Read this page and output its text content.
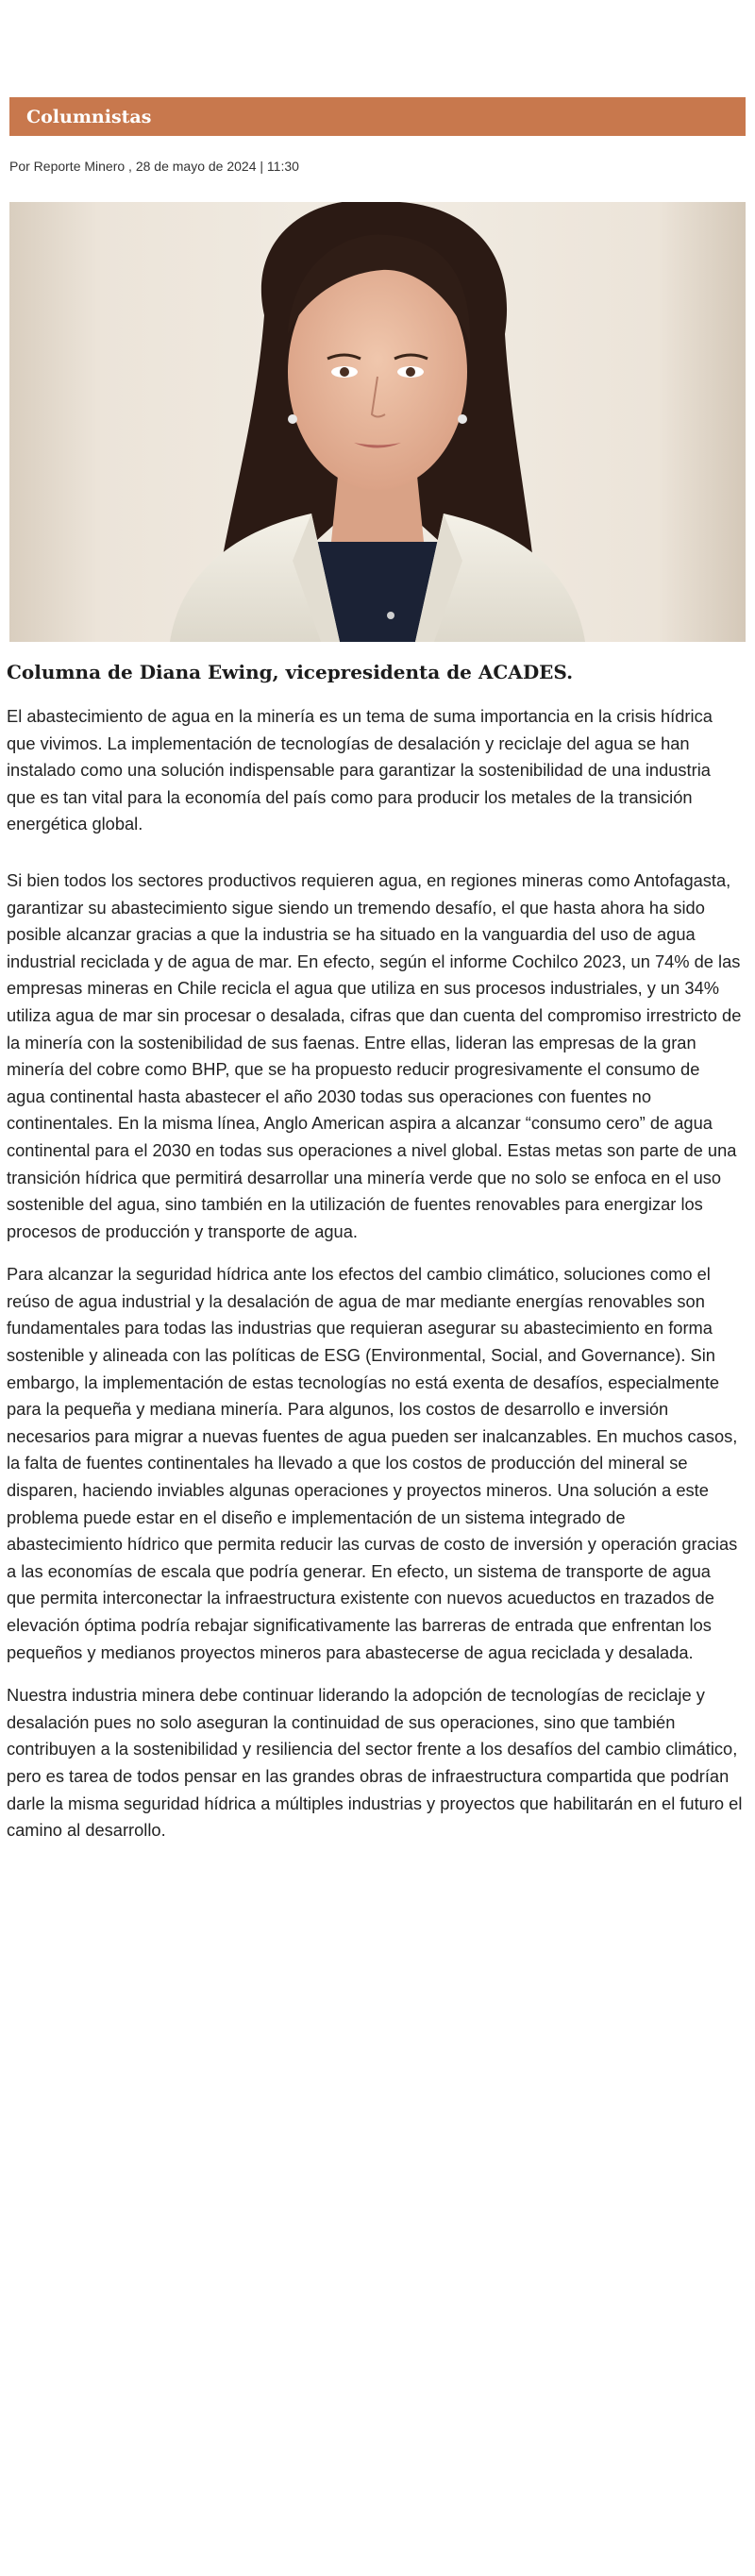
Columnistas
Por Reporte Minero , 28 de mayo de 2024 | 11:30
Columna de Diana Ewing, vicepresidenta de ACADES.

El abastecimiento de agua en la minería es un tema de suma importancia en la crisis hídrica que vivimos. La implementación de tecnologías de desalación y reciclaje del agua se han instalado como una solución indispensable para garantizar la sostenibilidad de una industria que es tan vital para la economía del país como para producir los metales de la transición energética global.

Si bien todos los sectores productivos requieren agua, en regiones mineras como Antofagasta, garantizar su abastecimiento sigue siendo un tremendo desafío, el que hasta ahora ha sido posible alcanzar gracias a que la industria se ha situado en la vanguardia del uso de agua industrial reciclada y de agua de mar. En efecto, según el informe Cochilco 2023, un 74% de las empresas mineras en Chile recicla el agua que utiliza en sus procesos industriales, y un 34% utiliza agua de mar sin procesar o desalada, cifras que dan cuenta del compromiso irrestricto de la minería con la sostenibilidad de sus faenas. Entre ellas, lideran las empresas de la gran minería del cobre como BHP, que se ha propuesto reducir progresivamente el consumo de agua continental hasta abastecer el año 2030 todas sus operaciones con fuentes no continentales. En la misma línea, Anglo American aspira a alcanzar “consumo cero” de agua continental para el 2030 en todas sus operaciones a nivel global. Estas metas son parte de una transición hídrica que permitirá desarrollar una minería verde que no solo se enfoca en el uso sostenible del agua, sino también en la utilización de fuentes renovables para energizar los procesos de producción y transporte de agua.

Para alcanzar la seguridad hídrica ante los efectos del cambio climático, soluciones como el reúso de agua industrial y la desalación de agua de mar mediante energías renovables son fundamentales para todas las industrias que requieran asegurar su abastecimiento en forma sostenible y alineada con las políticas de ESG (Environmental, Social, and Governance). Sin embargo, la implementación de estas tecnologías no está exenta de desafíos, especialmente para la pequeña y mediana minería. Para algunos, los costos de desarrollo e inversión necesarios para migrar a nuevas fuentes de agua pueden ser inalcanzables. En muchos casos, la falta de fuentes continentales ha llevado a que los costos de producción del mineral se disparen, haciendo inviables algunas operaciones y proyectos mineros. Una solución a este problema puede estar en el diseño e implementación de un sistema integrado de abastecimiento hídrico que permita reducir las curvas de costo de inversión y operación gracias a las economías de escala que podría generar. En efecto, un sistema de transporte de agua que permita interconectar la infraestructura existente con nuevos acueductos en trazados de elevación óptima podría rebajar significativamente las barreras de entrada que enfrentan los pequeños y medianos proyectos mineros para abastecerse de agua reciclada y desalada.

Nuestra industria minera debe continuar liderando la adopción de tecnologías de reciclaje y desalación pues no solo aseguran la continuidad de sus operaciones, sino que también contribuyen a la sostenibilidad y resiliencia del sector frente a los desafíos del cambio climático, pero es tarea de todos pensar en las grandes obras de infraestructura compartida que podrían darle la misma seguridad hídrica a múltiples industrias y proyectos que habilitarán en el futuro el camino al desarrollo.
